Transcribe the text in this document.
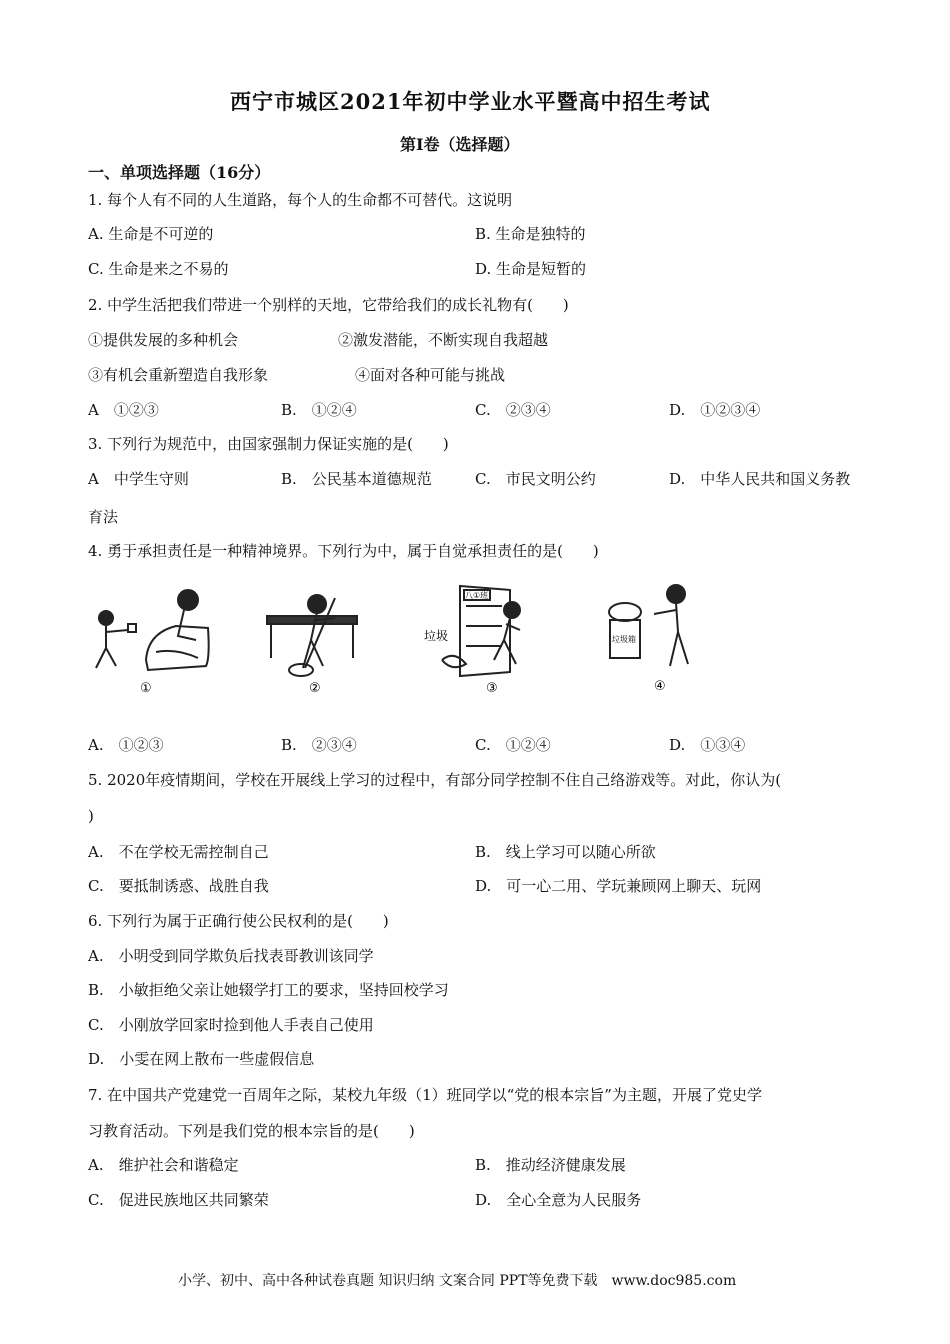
西宁市城区2021年初中学业水平暨高中招生考试
第I卷（选择题）
一、单项选择题（16分）
1. 每个人有不同的人生道路，每个人的生命都不可替代。这说明
A. 生命是不可逆的	B. 生命是独特的
C. 生命是来之不易的	D. 生命是短暂的
2. 中学生活把我们带进一个别样的天地，它带给我们的成长礼物有(　　)
①提供发展的多种机会	②激发潜能，不断实现自我超越
③有机会重新塑造自我形象	④面对各种可能与挑战
A　①②③	B.　①②④	C.　②③④	D.　①②③④
3. 下列行为规范中，由国家强制力保证实施的是(　　)
A　中学生守则	B.　公民基本道德规范	C.　市民文明公约	D.　中华人民共和国义务教
育法
4. 勇于承担责任是一种精神境界。下列行为中，属于自觉承担责任的是(　　)
①	②
八①班
垃圾
③
垃圾箱
④
A.　①②③	B.　②③④	C.　①②④	D.　①③④
5. 2020年疫情期间，学校在开展线上学习的过程中，有部分同学控制不住自己络游戏等。对此，你认为(
)
A.　不在学校无需控制自己	B.　线上学习可以随心所欲
C.　要抵制诱惑、战胜自我	D.　可一心二用、学玩兼顾网上聊天、玩网
6. 下列行为属于正确行使公民权利的是(　　)
A.　小明受到同学欺负后找表哥教训该同学
B.　小敏拒绝父亲让她辍学打工的要求，坚持回校学习
C.　小刚放学回家时捡到他人手表自己使用
D.　小雯在网上散布一些虚假信息
7. 在中国共产党建党一百周年之际，某校九年级（1）班同学以“党的根本宗旨”为主题，开展了党史学
习教育活动。下列是我们党的根本宗旨的是(　　)
A.　维护社会和谐稳定	B.　推动经济健康发展
C.　促进民族地区共同繁荣	D.　全心全意为人民服务
小学、初中、高中各种试卷真题 知识归纳 文案合同 PPT等免费下载　www.doc985.com
